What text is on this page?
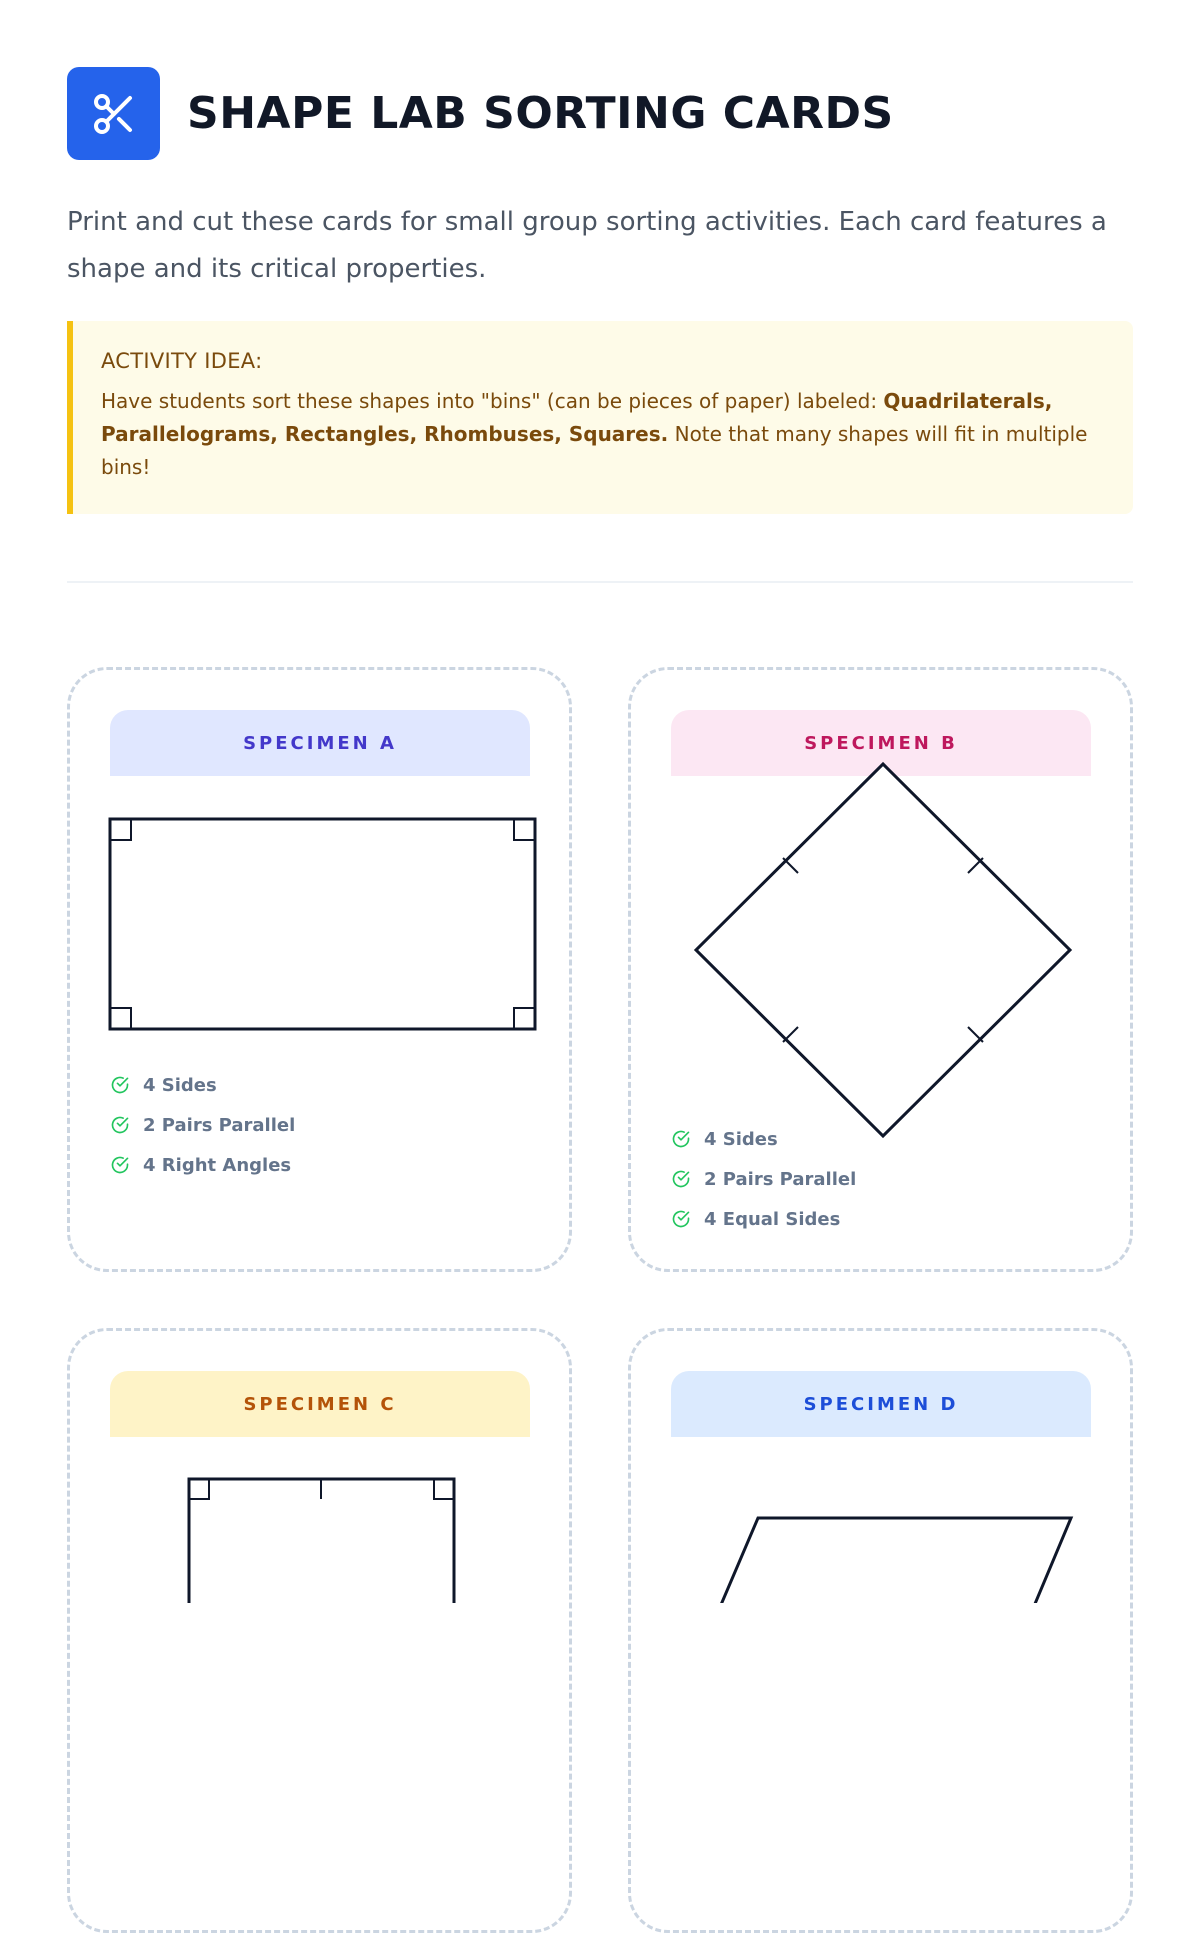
SHAPE LAB SORTING CARDS
Print and cut these cards for small group sorting activities. Each card features a shape and its critical properties.
ACTIVITY IDEA:
Have students sort these shapes into "bins" (can be pieces of paper) labeled: Quadrilaterals, Parallelograms, Rectangles, Rhombuses, Squares. Note that many shapes will fit in multiple bins!
SPECIMEN A
4 Sides
2 Pairs Parallel
4 Right Angles
SPECIMEN B
4 Sides
2 Pairs Parallel
4 Equal Sides
SPECIMEN C	SPECIMEN D
